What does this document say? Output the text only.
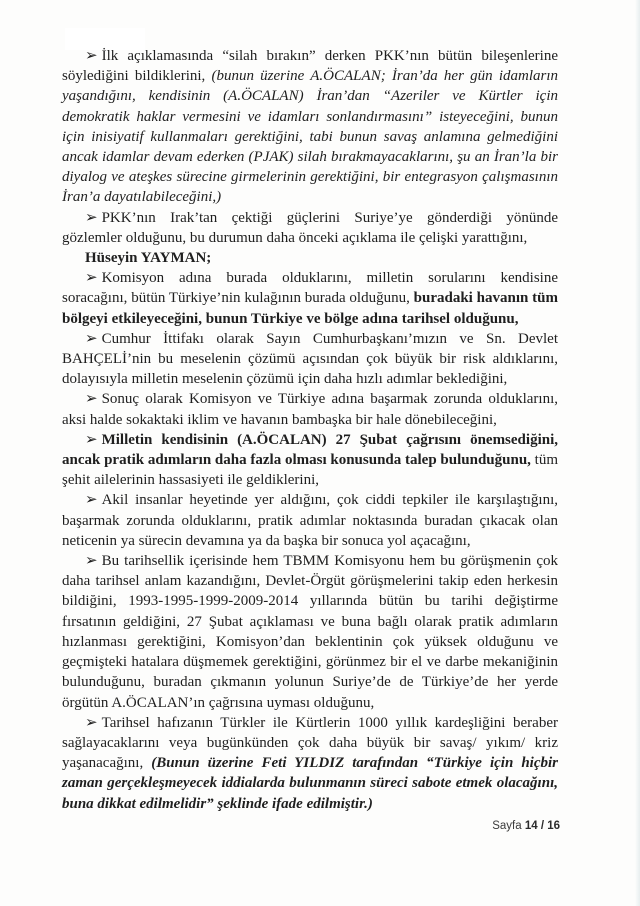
➢ İlk açıklamasında “silah bırakın” derken PKK’nın bütün bileşenlerine söylediğini bildiklerini, (bunun üzerine A.ÖCALAN; İran’da her gün idamların yaşandığını, kendisinin (A.ÖCALAN) İran’dan “Azeriler ve Kürtler için demokratik haklar vermesini ve idamları sonlandırmasını” isteyeceğini, bunun için inisiyatif kullanmaları gerektiğini, tabi bunun savaş anlamına gelmediğini ancak idamlar devam ederken (PJAK) silah bırakmayacaklarını, şu an İran’la bir diyalog ve ateşkes sürecine girmelerinin gerektiğini, bir entegrasyon çalışmasının İran’a dayatılabileceğini,)

➢ PKK’nın Irak’tan çektiği güçlerini Suriye’ye gönderdiği yönünde gözlemler olduğunu, bu durumun daha önceki açıklama ile çelişki yarattığını,

Hüseyin YAYMAN;

➢ Komisyon adına burada olduklarını, milletin sorularını kendisine soracağını, bütün Türkiye’nin kulağının burada olduğunu, buradaki havanın tüm bölgeyi etkileyeceğini, bunun Türkiye ve bölge adına tarihsel olduğunu,

➢ Cumhur İttifakı olarak Sayın Cumhurbaşkanı’mızın ve Sn. Devlet BAHÇELİ’nin bu meselenin çözümü açısından çok büyük bir risk aldıklarını, dolayısıyla milletin meselenin çözümü için daha hızlı adımlar beklediğini,

➢ Sonuç olarak Komisyon ve Türkiye adına başarmak zorunda olduklarını, aksi halde sokaktaki iklim ve havanın bambaşka bir hale dönebileceğini,

➢ Milletin kendisinin (A.ÖCALAN) 27 Şubat çağrısını önemsediğini, ancak pratik adımların daha fazla olması konusunda talep bulunduğunu, tüm şehit ailelerinin hassasiyeti ile geldiklerini,

➢ Akil insanlar heyetinde yer aldığını, çok ciddi tepkiler ile karşılaştığını, başarmak zorunda olduklarını, pratik adımlar noktasında buradan çıkacak olan neticenin ya sürecin devamına ya da başka bir sonuca yol açacağını,

➢ Bu tarihsellik içerisinde hem TBMM Komisyonu hem bu görüşmenin çok daha tarihsel anlam kazandığını, Devlet-Örgüt görüşmelerini takip eden herkesin bildiğini, 1993-1995-1999-2009-2014 yıllarında bütün bu tarihi değiştirme fırsatının geldiğini, 27 Şubat açıklaması ve buna bağlı olarak pratik adımların hızlanması gerektiğini, Komisyon’dan beklentinin çok yüksek olduğunu ve geçmişteki hatalara düşmemek gerektiğini, görünmez bir el ve darbe mekaniğinin bulunduğunu, buradan çıkmanın yolunun Suriye’de de Türkiye’de her yerde örgütün A.ÖCALAN’ın çağrısına uyması olduğunu,

➢ Tarihsel hafızanın Türkler ile Kürtlerin 1000 yıllık kardeşliğini beraber sağlayacaklarını veya bugünkünden çok daha büyük bir savaş/ yıkım/ kriz yaşanacağını, (Bunun üzerine Feti YILDIZ tarafından “Türkiye için hiçbir zaman gerçekleşmeyecek iddialarda bulunmanın süreci sabote etmek olacağını, buna dikkat edilmelidir” şeklinde ifade edilmiştir.)

Sayfa 14 / 16
